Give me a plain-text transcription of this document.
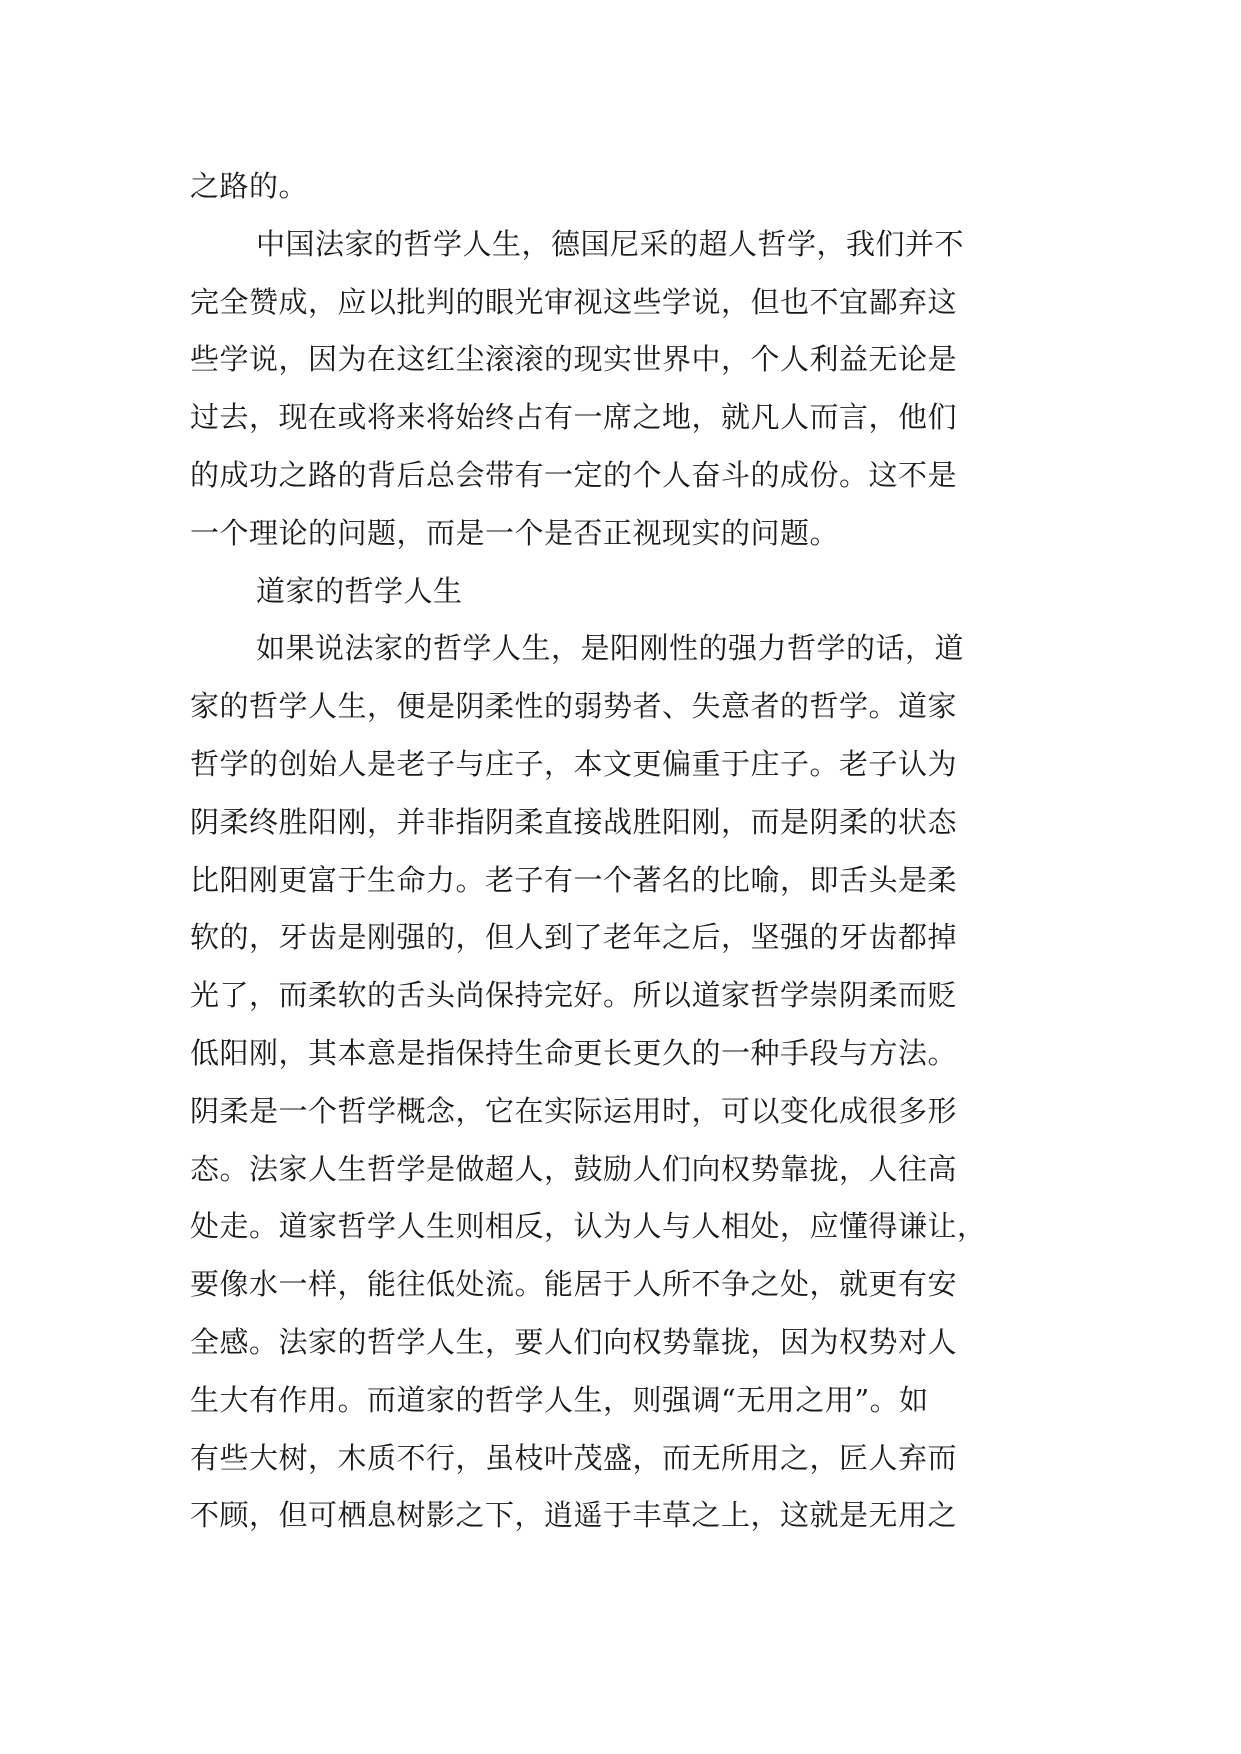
之路的。
中国法家的哲学人生，德国尼采的超人哲学，我们并不
完全赞成，应以批判的眼光审视这些学说，但也不宜鄙弃这
些学说，因为在这红尘滚滚的现实世界中，个人利益无论是
过去，现在或将来将始终占有一席之地，就凡人而言，他们
的成功之路的背后总会带有一定的个人奋斗的成份。这不是
一个理论的问题，而是一个是否正视现实的问题。
道家的哲学人生
如果说法家的哲学人生，是阳刚性的强力哲学的话，道
家的哲学人生，便是阴柔性的弱势者、失意者的哲学。道家
哲学的创始人是老子与庄子，本文更偏重于庄子。老子认为
阴柔终胜阳刚，并非指阴柔直接战胜阳刚，而是阴柔的状态
比阳刚更富于生命力。老子有一个著名的比喻，即舌头是柔
软的，牙齿是刚强的，但人到了老年之后，坚强的牙齿都掉
光了，而柔软的舌头尚保持完好。所以道家哲学崇阴柔而贬
低阳刚，其本意是指保持生命更长更久的一种手段与方法。
阴柔是一个哲学概念，它在实际运用时，可以变化成很多形
态。法家人生哲学是做超人，鼓励人们向权势靠拢，人往高
处走。道家哲学人生则相反，认为人与人相处，应懂得谦让，
要像水一样，能往低处流。能居于人所不争之处，就更有安
全感。法家的哲学人生，要人们向权势靠拢，因为权势对人
生大有作用。而道家的哲学人生，则强调“无用之用”。如
有些大树，木质不行，虽枝叶茂盛，而无所用之，匠人弃而
不顾，但可栖息树影之下，逍遥于丰草之上，这就是无用之
